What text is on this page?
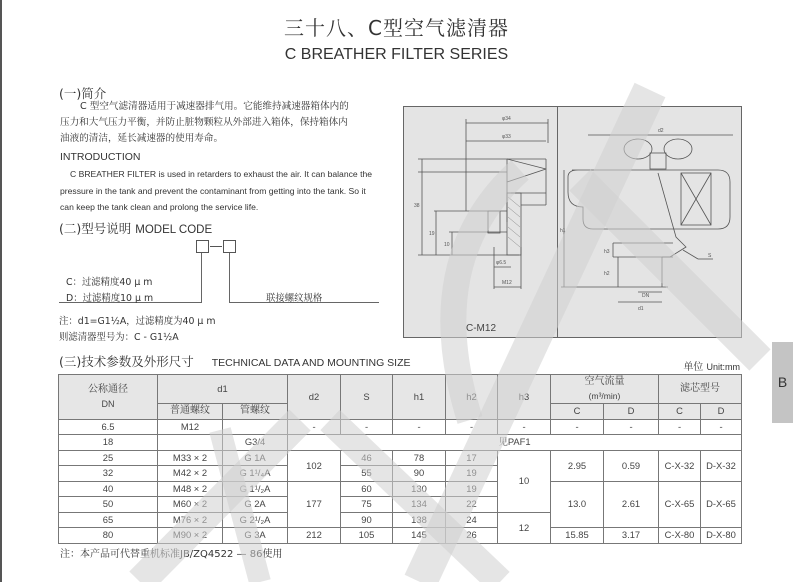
三十八、C型空气滤清器
C BREATHER FILTER SERIES
(一)简介
C 型空气滤清器适用于减速器排气用。它能维持减速器箱体内的
压力和大气压力平衡，并防止脏物颗粒从外部进入箱体，保持箱体内
油液的清洁，延长减速器的使用寿命。
INTRODUCTION
C BREATHER FILTER is used in retarders to exhaust the air. It can balance the
pressure in the tank and prevent the contaminant from getting into the tank. So it
can keep the tank clean and prolong the service life.
(二)型号说明 MODEL CODE
C：过滤精度40 μ m
D：过滤精度10 μ m	联接螺纹规格
注：d1=G1½A，过滤精度为40 μ m
则滤清器型号为：C - G1½A
φ34
φ33
38
19
10
φ6.5
M12
C-M12
d2
h1
h3
h2
S
DN
d1
(三)技术参数及外形尺寸 TECHNICAL DATA AND MOUNTING SIZE	单位 Unit:mm
公称通径
DN
	d1	d2	S	h1	h2	h3	
空气流量
(m³/min)
	滤芯型号
	普通螺纹	管螺纹						C	D	C	D
6.5	M12		-	-	-	-	-	-	-	-	-
18		G3/4	见PAF1								
25	M33 × 2	G 1A	102	46	78	17	10	2.95	0.59	C-X-32	D-X-32
32	M42 × 2	G 1¹/₄A		55	90	19					
40	M48 × 2	G 1¹/₂A	177	60	130	19		13.0	2.61	C-X-65	D-X-65
50	M60 × 2	G 2A		75	134	22					
65	M76 × 2	G 2¹/₂A		90	138	24	12				
80	M90 × 2	G 3A	212	105	145	26		15.85	3.17	C-X-80	D-X-80
注：本产品可代替重机标准JB/ZQ4522 — 86使用
B
